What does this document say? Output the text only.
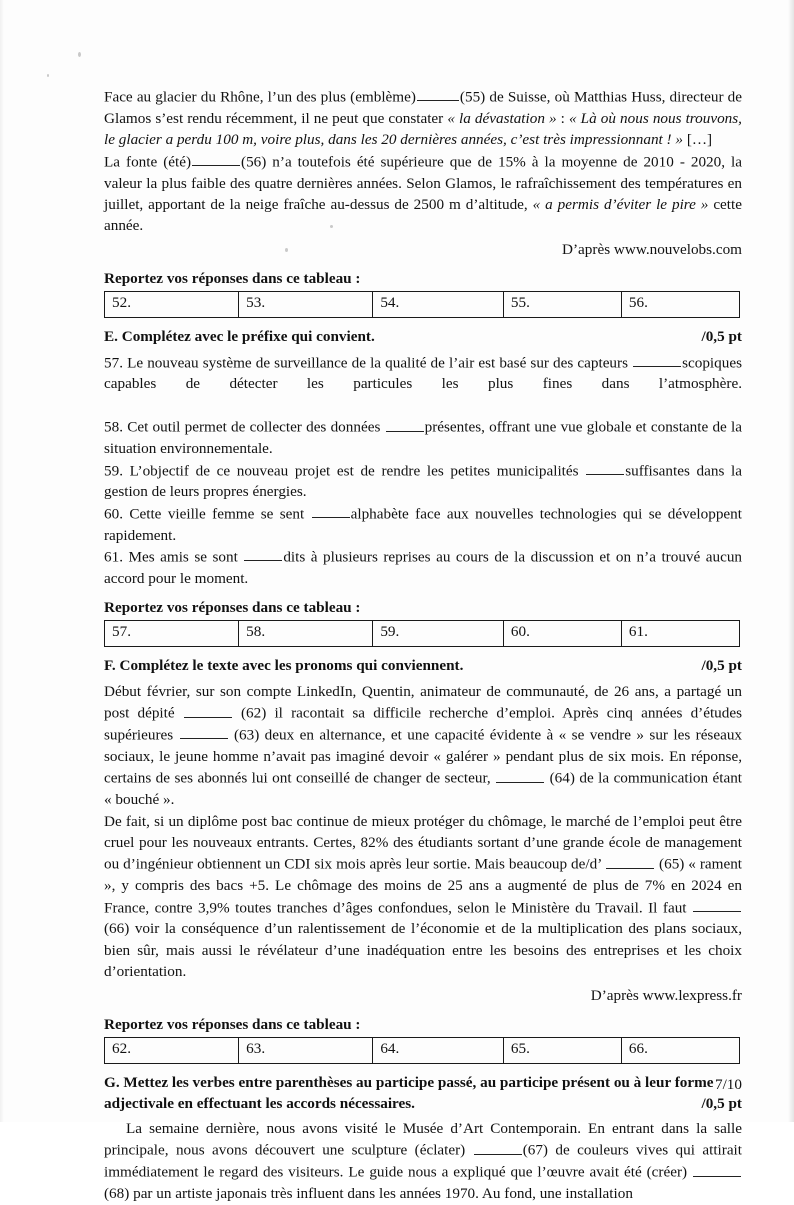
Face au glacier du Rhône, l’un des plus (emblème)	(55) de Suisse, où Matthias Huss, directeur de Glamos s’est rendu récemment, il ne peut que constater « la dévastation » : « Là où nous nous trouvons, le glacier a perdu 100 m, voire plus, dans les 20 dernières années, c’est très impressionnant ! » […]

La fonte (été)	(56) n’a toutefois été supérieure que de 15% à la moyenne de 2010 - 2020, la valeur la plus faible des quatre dernières années. Selon Glamos, le rafraîchissement des températures en juillet, apportant de la neige fraîche au-dessus de 2500 m d’altitude, « a permis d’éviter le pire » cette année.

D’après www.nouvelobs.com

Reportez vos réponses dans ce tableau :

52.	53.	54.	55.	56.
E. Complétez avec le préfixe qui convient.	/0,5 pt

57. Le nouveau système de surveillance de la qualité de l’air est basé sur des capteurs	scopiques capables de détecter les particules les plus fines dans l’atmosphère.

58. Cet outil permet de collecter des données	présentes, offrant une vue globale et constante de la situation environnementale.

59. L’objectif de ce nouveau projet est de rendre les petites municipalités	suffisantes dans la gestion de leurs propres énergies.

60. Cette vieille femme se sent	alphabète face aux nouvelles technologies qui se développent rapidement.

61. Mes amis se sont	dits à plusieurs reprises au cours de la discussion et on n’a trouvé aucun accord pour le moment.

Reportez vos réponses dans ce tableau :

57.	58.	59.	60.	61.
F. Complétez le texte avec les pronoms qui conviennent.	/0,5 pt

Début février, sur son compte LinkedIn, Quentin, animateur de communauté, de 26 ans, a partagé un post dépité	(62) il racontait sa difficile recherche d’emploi. Après cinq années d’études supérieures	(63) deux en alternance, et une capacité évidente à « se vendre » sur les réseaux sociaux, le jeune homme n’avait pas imaginé devoir « galérer » pendant plus de six mois. En réponse, certains de ses abonnés lui ont conseillé de changer de secteur,	(64) de la communication étant « bouché ».

De fait, si un diplôme post bac continue de mieux protéger du chômage, le marché de l’emploi peut être cruel pour les nouveaux entrants. Certes, 82% des étudiants sortant d’une grande école de management ou d’ingénieur obtiennent un CDI six mois après leur sortie. Mais beaucoup de/d’	(65) « rament », y compris des bacs +5. Le chômage des moins de 25 ans a augmenté de plus de 7% en 2024 en France, contre 3,9% toutes tranches d’âges confondues, selon le Ministère du Travail. Il faut  (66) voir la conséquence d’un ralentissement de l’économie et de la multiplication des plans sociaux, bien sûr, mais aussi le révélateur d’une inadéquation entre les besoins des entreprises et les choix d’orientation.

D’après www.lexpress.fr

Reportez vos réponses dans ce tableau :

62.	63.	64.	65.	66.
G. Mettez les verbes entre parenthèses au participe passé, au participe présent ou à leur forme adjectivale en effectuant les accords nécessaires.	/0,5 pt

La semaine dernière, nous avons visité le Musée d’Art Contemporain. En entrant dans la salle principale, nous avons découvert une sculpture (éclater)	(67) de couleurs vives qui attirait immédiatement le regard des visiteurs. Le guide nous a expliqué que l’œuvre avait été (créer)  (68) par un artiste japonais très influent dans les années 1970. Au fond, une installation

7/10
